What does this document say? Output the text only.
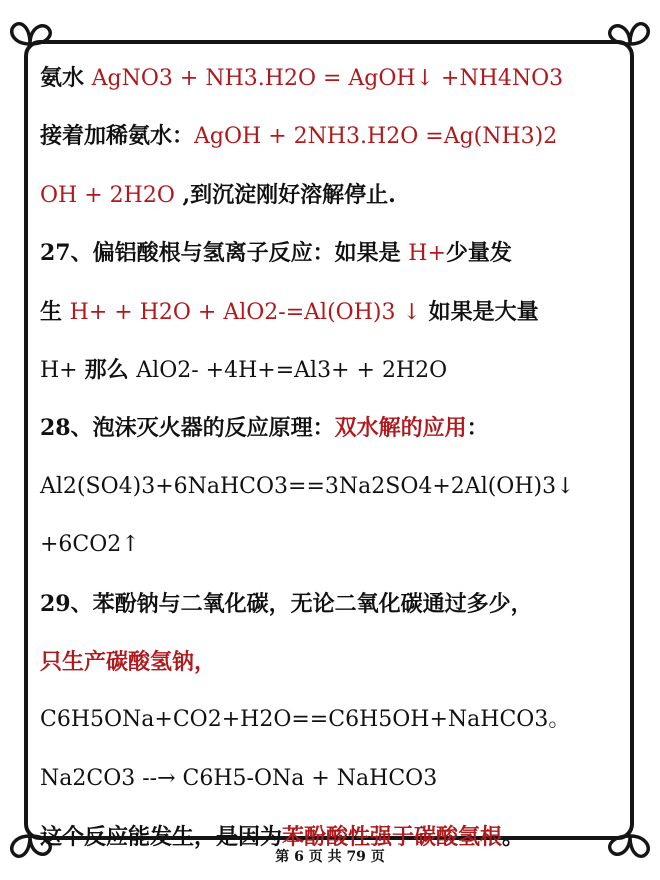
氨水 AgNO3 + NH3.H2O = AgOH↓ +NH4NO3
接着加稀氨水：AgOH + 2NH3.H2O =Ag(NH3)2
OH + 2H2O ,到沉淀刚好溶解停止.
27、偏铝酸根与氢离子反应：如果是 H+少量发
生 H+ + H2O + AlO2-=Al(OH)3 ↓ 如果是大量
H+ 那么 AlO2- +4H+=Al3+ + 2H2O
28、泡沫灭火器的反应原理：双水解的应用：
Al2(SO4)3+6NaHCO3==3Na2SO4+2Al(OH)3↓
+6CO2↑
29、苯酚钠与二氧化碳，无论二氧化碳通过多少，
只生产碳酸氢钠，
C6H5ONa+CO2+H2O==C6H5OH+NaHCO3。
Na2CO3 --→ C6H5-ONa + NaHCO3
这个反应能发生，是因为苯酚酸性强于碳酸氢根。
第 6 页 共 79 页
